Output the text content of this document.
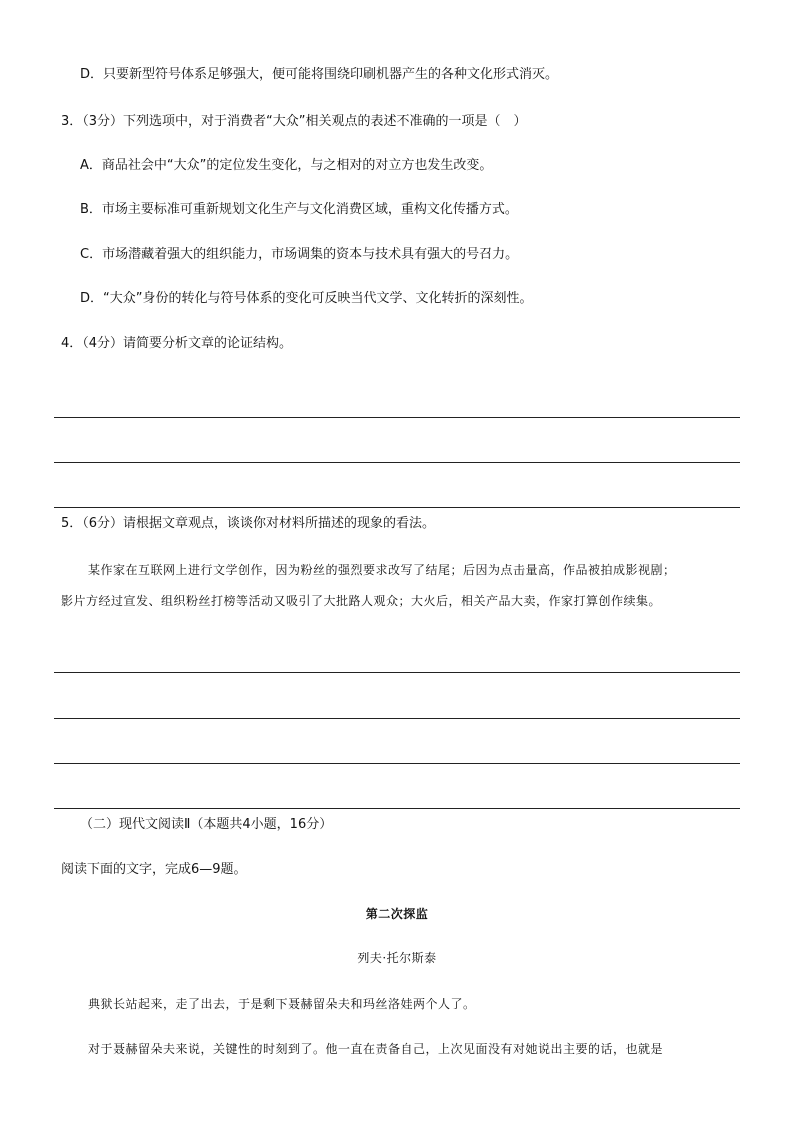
D．只要新型符号体系足够强大，便可能将围绕印刷机器产生的各种文化形式消灭。
3．（3分）下列选项中，对于消费者“大众”相关观点的表述不准确的一项是（　）
A．商品社会中“大众”的定位发生变化，与之相对的对立方也发生改变。
B．市场主要标准可重新规划文化生产与文化消费区域，重构文化传播方式。
C．市场潜藏着强大的组织能力，市场调集的资本与技术具有强大的号召力。
D．“大众”身份的转化与符号体系的变化可反映当代文学、文化转折的深刻性。
4．（4分）请简要分析文章的论证结构。
5．（6分）请根据文章观点，谈谈你对材料所描述的现象的看法。
某作家在互联网上进行文学创作，因为粉丝的强烈要求改写了结尾；后因为点击量高，作品被拍成影视剧；
影片方经过宣发、组织粉丝打榜等活动又吸引了大批路人观众；大火后，相关产品大卖，作家打算创作续集。
（二）现代文阅读Ⅱ（本题共4小题，16分）
阅读下面的文字，完成6—9题。
第二次探监
列夫·托尔斯泰
典狱长站起来，走了出去，于是剩下聂赫留朵夫和玛丝洛娃两个人了。
对于聂赫留朵夫来说，关键性的时刻到了。他一直在责备自己，上次见面没有对她说出主要的话，也就是
